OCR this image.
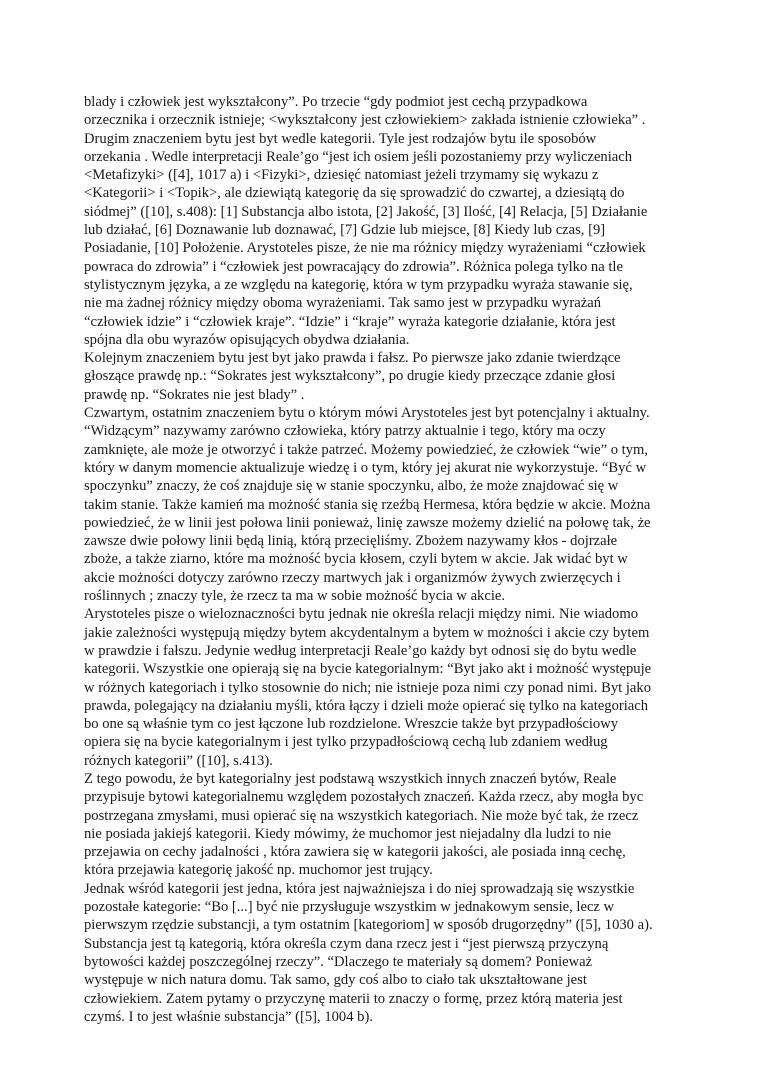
blady i człowiek jest wykształcony”. Po trzecie “gdy podmiot jest cechą przypadkowa
orzecznika i orzecznik istnieje; <wykształcony jest człowiekiem> zakłada istnienie człowieka” .
Drugim znaczeniem bytu jest byt wedle kategorii. Tyle jest rodzajów bytu ile sposobów
orzekania . Wedle interpretacji Reale’go “jest ich osiem jeśli pozostaniemy przy wyliczeniach
<Metafizyki> ([4], 1017 a) i <Fizyki>, dziesięć natomiast jeżeli trzymamy się wykazu z
<Kategorii> i <Topik>, ale dziewiątą kategorię da się sprowadzić do czwartej, a dziesiątą do
siódmej” ([10], s.408): [1] Substancja albo istota, [2] Jakość, [3] Ilość, [4] Relacja, [5] Działanie
lub działać, [6] Doznawanie lub doznawać, [7] Gdzie lub miejsce, [8] Kiedy lub czas, [9]
Posiadanie, [10] Położenie. Arystoteles pisze, że nie ma różnicy między wyrażeniami “człowiek
powraca do zdrowia” i “człowiek jest powracający do zdrowia”. Różnica polega tylko na tle
stylistycznym języka, a ze względu na kategorię, która w tym przypadku wyraża stawanie się,
nie ma żadnej różnicy między oboma wyrażeniami. Tak samo jest w przypadku wyrażań
“człowiek idzie” i “człowiek kraje”. “Idzie” i “kraje” wyraża kategorie działanie, która jest
spójna dla obu wyrazów opisujących obydwa działania.
Kolejnym znaczeniem bytu jest byt jako prawda i fałsz. Po pierwsze jako zdanie twierdzące
głoszące prawdę np.: “Sokrates jest wykształcony”, po drugie kiedy przeczące zdanie głosi
prawdę np. “Sokrates nie jest blady” .
Czwartym, ostatnim znaczeniem bytu o którym mówi Arystoteles jest byt potencjalny i aktualny.
“Widzącym” nazywamy zarówno człowieka, który patrzy aktualnie i tego, który ma oczy
zamknięte, ale może je otworzyć i także patrzeć. Możemy powiedzieć, że człowiek “wie” o tym,
który w danym momencie aktualizuje wiedzę i o tym, który jej akurat nie wykorzystuje. “Być w
spoczynku” znaczy, że coś znajduje się w stanie spoczynku, albo, że może znajdować się w
takim stanie. Także kamień ma możność stania się rzeźbą Hermesa, która będzie w akcie. Można
powiedzieć, że w linii jest połowa linii ponieważ, linię zawsze możemy dzielić na połowę tak, że
zawsze dwie połowy linii będą linią, którą przecięliśmy. Zbożem nazywamy kłos - dojrzałe
zboże, a także ziarno, które ma możność bycia kłosem, czyli bytem w akcie. Jak widać byt w
akcie możności dotyczy zarówno rzeczy martwych jak i organizmów żywych zwierzęcych i
roślinnych ; znaczy tyle, że rzecz ta ma w sobie możność bycia w akcie.
Arystoteles pisze o wieloznaczności bytu jednak nie określa relacji między nimi. Nie wiadomo
jakie zależności występują między bytem akcydentalnym a bytem w możności i akcie czy bytem
w prawdzie i fałszu. Jedynie według interpretacji Reale’go każdy byt odnosi się do bytu wedle
kategorii. Wszystkie one opierają się na bycie kategorialnym: “Byt jako akt i możność występuje
w różnych kategoriach i tylko stosownie do nich; nie istnieje poza nimi czy ponad nimi. Byt jako
prawda, polegający na działaniu myśli, która łączy i dzieli może opierać się tylko na kategoriach
bo one są właśnie tym co jest łączone lub rozdzielone. Wreszcie także byt przypadłościowy
opiera się na bycie kategorialnym i jest tylko przypadłościową cechą lub zdaniem według
różnych kategorii” ([10], s.413).
Z tego powodu, że byt kategorialny jest podstawą wszystkich innych znaczeń bytów, Reale
przypisuje bytowi kategorialnemu względem pozostałych znaczeń. Każda rzecz, aby mogła byc
postrzegana zmysłami, musi opierać się na wszystkich kategoriach. Nie może być tak, że rzecz
nie posiada jakiejś kategorii. Kiedy mówimy, że muchomor jest niejadalny dla ludzi to nie
przejawia on cechy jadalności , która zawiera się w kategorii jakości, ale posiada inną cechę,
która przejawia kategorię jakość np. muchomor jest trujący.
Jednak wśród kategorii jest jedna, która jest najważniejsza i do niej sprowadzają się wszystkie
pozostałe kategorie: “Bo [...] być nie przysługuje wszystkim w jednakowym sensie, lecz w
pierwszym rzędzie substancji, a tym ostatnim [kategoriom] w sposób drugorzędny” ([5], 1030 a).
Substancja jest tą kategorią, która określa czym dana rzecz jest i “jest pierwszą przyczyną
bytowości każdej poszczególnej rzeczy”. “Dlaczego te materiały są domem? Ponieważ
występuje w nich natura domu. Tak samo, gdy coś albo to ciało tak ukształtowane jest
człowiekiem. Zatem pytamy o przyczynę materii to znaczy o formę, przez którą materia jest
czymś. I to jest właśnie substancja” ([5], 1004 b).
